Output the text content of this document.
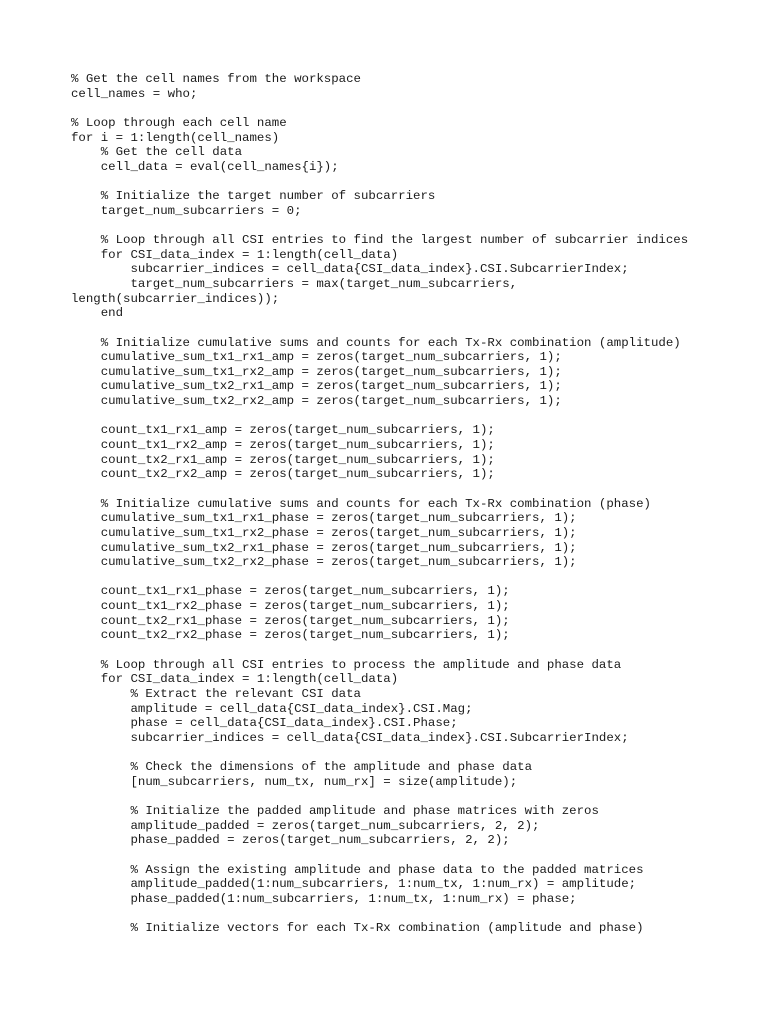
% Get the cell names from the workspace
cell_names = who;
% Loop through each cell name
for i = 1:length(cell_names)
% Get the cell data
cell_data = eval(cell_names{i});
% Initialize the target number of subcarriers
target_num_subcarriers = 0;
% Loop through all CSI entries to find the largest number of subcarrier indices
for CSI_data_index = 1:length(cell_data)
subcarrier_indices = cell_data{CSI_data_index}.CSI.SubcarrierIndex;
target_num_subcarriers = max(target_num_subcarriers,
length(subcarrier_indices));
end
% Initialize cumulative sums and counts for each Tx-Rx combination (amplitude)
cumulative_sum_tx1_rx1_amp = zeros(target_num_subcarriers, 1);
cumulative_sum_tx1_rx2_amp = zeros(target_num_subcarriers, 1);
cumulative_sum_tx2_rx1_amp = zeros(target_num_subcarriers, 1);
cumulative_sum_tx2_rx2_amp = zeros(target_num_subcarriers, 1);
count_tx1_rx1_amp = zeros(target_num_subcarriers, 1);
count_tx1_rx2_amp = zeros(target_num_subcarriers, 1);
count_tx2_rx1_amp = zeros(target_num_subcarriers, 1);
count_tx2_rx2_amp = zeros(target_num_subcarriers, 1);
% Initialize cumulative sums and counts for each Tx-Rx combination (phase)
cumulative_sum_tx1_rx1_phase = zeros(target_num_subcarriers, 1);
cumulative_sum_tx1_rx2_phase = zeros(target_num_subcarriers, 1);
cumulative_sum_tx2_rx1_phase = zeros(target_num_subcarriers, 1);
cumulative_sum_tx2_rx2_phase = zeros(target_num_subcarriers, 1);
count_tx1_rx1_phase = zeros(target_num_subcarriers, 1);
count_tx1_rx2_phase = zeros(target_num_subcarriers, 1);
count_tx2_rx1_phase = zeros(target_num_subcarriers, 1);
count_tx2_rx2_phase = zeros(target_num_subcarriers, 1);
% Loop through all CSI entries to process the amplitude and phase data
for CSI_data_index = 1:length(cell_data)
% Extract the relevant CSI data
amplitude = cell_data{CSI_data_index}.CSI.Mag;
phase = cell_data{CSI_data_index}.CSI.Phase;
subcarrier_indices = cell_data{CSI_data_index}.CSI.SubcarrierIndex;
% Check the dimensions of the amplitude and phase data
[num_subcarriers, num_tx, num_rx] = size(amplitude);
% Initialize the padded amplitude and phase matrices with zeros
amplitude_padded = zeros(target_num_subcarriers, 2, 2);
phase_padded = zeros(target_num_subcarriers, 2, 2);
% Assign the existing amplitude and phase data to the padded matrices
amplitude_padded(1:num_subcarriers, 1:num_tx, 1:num_rx) = amplitude;
phase_padded(1:num_subcarriers, 1:num_tx, 1:num_rx) = phase;
% Initialize vectors for each Tx-Rx combination (amplitude and phase)
